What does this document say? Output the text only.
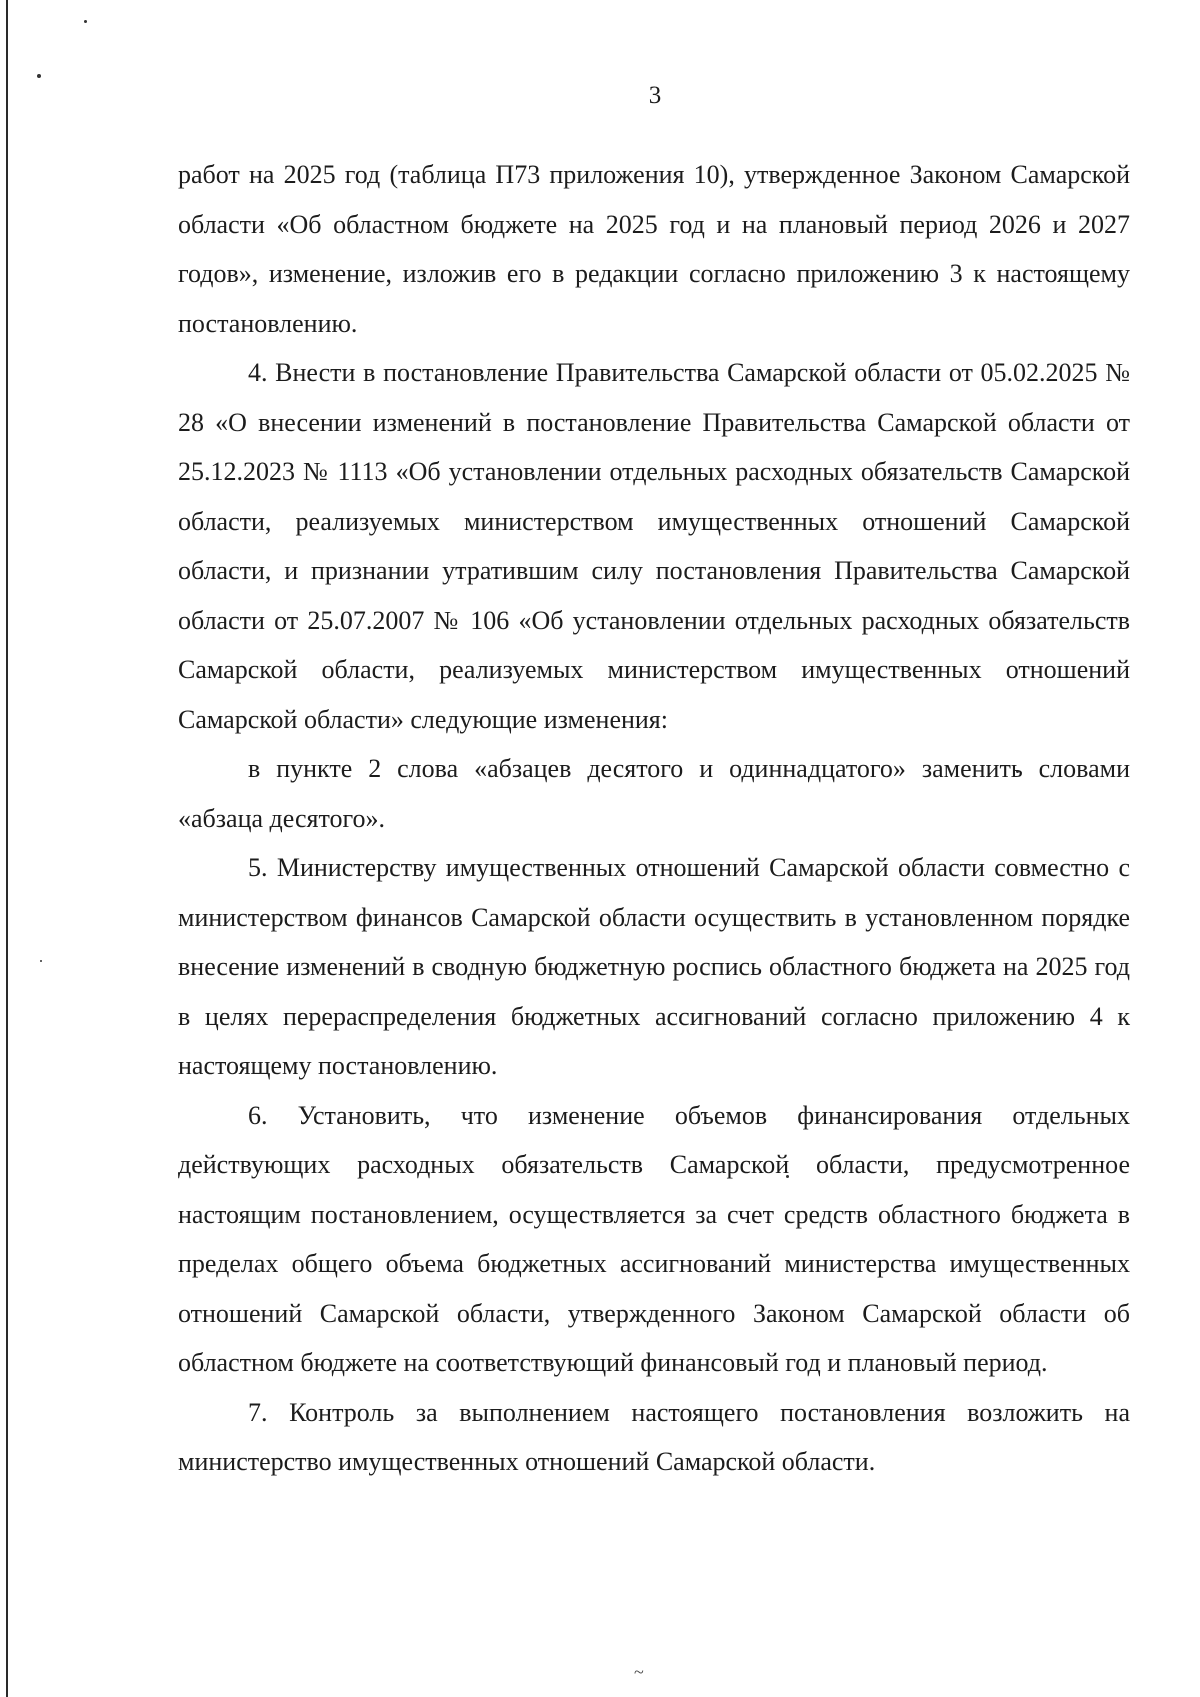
3

работ на 2025 год (таблица П73 приложения 10), утвержденное Законом Самарской области «Об областном бюджете на 2025 год и на плановый период 2026 и 2027 годов», изменение, изложив его в редакции согласно приложению 3 к настоящему постановлению.

4. Внести в постановление Правительства Самарской области от 05.02.2025 № 28 «О внесении изменений в постановление Правительства Самарской области от 25.12.2023 № 1113 «Об установлении отдельных расходных обязательств Самарской области, реализуемых министерством имущественных отношений Самарской области, и признании утратившим силу постановления Правительства Самарской области от 25.07.2007 № 106 «Об установлении отдельных расходных обязательств Самарской области, реализуемых министерством имущественных отношений Самарской области» следующие изменения:

в пункте 2 слова «абзацев десятого и одиннадцатого» заменить словами «абзаца десятого».

5. Министерству имущественных отношений Самарской области совместно с министерством финансов Самарской области осуществить в установленном порядке внесение изменений в сводную бюджетную роспись областного бюджета на 2025 год в целях перераспределения бюджетных ассигнований согласно приложению 4 к настоящему постановлению.

6. Установить, что изменение объемов финансирования отдельных действующих расходных обязательств Самарской области, предусмотренное настоящим постановлением, осуществляется за счет средств областного бюджета в пределах общего объема бюджетных ассигнований министерства имущественных отношений Самарской области, утвержденного Законом Самарской области об областном бюджете на соответствующий финансовый год и плановый период.

7. Контроль за выполнением настоящего постановления возложить на министерство имущественных отношений Самарской области.

~
